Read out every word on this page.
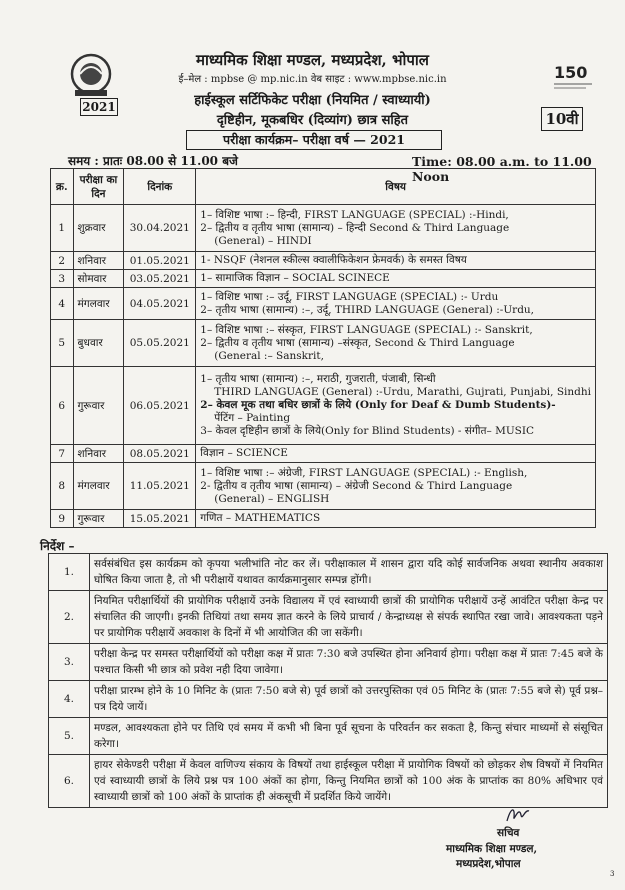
150
माध्यमिक शिक्षा मण्डल, मध्यप्रदेश, भोपाल
ई–मेल : mpbse @ mp.nic.in वेब साइट : www.mpbse.nic.in
हाईस्कूल सर्टिफिकेट परीक्षा (नियमित / स्वाध्यायी)
दृष्टिहीन, मूकबधिर (दिव्यांग) छात्र सहित
2021
10वी
परीक्षा कार्यक्रम– परीक्षा वर्ष — 2021
समय : प्रातः 08.00 से 11.00 बजे	Time: 08.00 a.m. to 11.00 Noon
क्र.	परीक्षा का दिन	दिनांक	विषय
1	शुक्रवार	30.04.2021	1– विशिष्ट भाषा :– हिन्दी, FIRST LANGUAGE (SPECIAL) :-Hindi,
2– द्वितीय व तृतीय भाषा (सामान्य) – हिन्दी Second & Third Language
(General) – HINDI

2	शनिवार	01.05.2021	1- NSQF (नेशनल स्कील्स क्वालीफिकेशन फ्रेमवर्क) के समस्त विषय

3	सोमवार	03.05.2021	1– सामाजिक विज्ञान – SOCIAL SCINECE

4	मंगलवार	04.05.2021	1– विशिष्ट भाषा :– उर्दू, FIRST LANGUAGE (SPECIAL) :- Urdu
2– तृतीय भाषा (सामान्य) :–, उर्दू, THIRD LANGUAGE (General) :-Urdu,

5	बुधवार	05.05.2021	1– विशिष्ट भाषा :– संस्कृत, FIRST LANGUAGE (SPECIAL) :- Sanskrit,
2– द्वितीय व तृतीय भाषा (सामान्य) –संस्कृत, Second & Third Language
(General :– Sanskrit,

6	गुरूवार	06.05.2021	1– तृतीय भाषा (सामान्य) :–, मराठी, गुजराती, पंजाबी, सिन्धी
THIRD LANGUAGE (General) :-Urdu, Marathi, Gujrati, Punjabi, Sindhi
2– केवल मूक तथा बधिर छात्रों के लिये (Only for Deaf & Dumb Students)-
पेंटिंग – Painting
3– केवल दृष्टिहीन छात्रों के लिये(Only for Blind Students) - संगीत– MUSIC

7	शनिवार	08.05.2021	विज्ञान – SCIENCE

8	मंगलवार	11.05.2021	1– विशिष्ट भाषा :– अंग्रेजी, FIRST LANGUAGE (SPECIAL) :- English,
2- द्वितीय व तृतीय भाषा (सामान्य) – अंग्रेजी Second & Third Language
(General) – ENGLISH

9	गुरूवार	15.05.2021	गणित – MATHEMATICS
निर्देश –
1.	सर्वसंबंधित इस कार्यक्रम को कृपया भलीभांति नोट कर लें। परीक्षाकाल में शासन द्वारा यदि कोई सार्वजनिक अथवा स्थानीय अवकाश घोषित किया जाता है, तो भी परीक्षायें यथावत कार्यक्रमानुसार सम्पन्न होंगी।
2.	नियमित परीक्षार्थियों की प्रायोगिक परीक्षायें उनके विद्यालय में एवं स्वाध्यायी छात्रों की प्रायोगिक परीक्षायें उन्हें आवंटित परीक्षा केन्द्र पर संचालित की जाएगी। इनकी तिथियां तथा समय ज्ञात करने के लिये प्राचार्य / केन्द्राध्यक्ष से संपर्क स्थापित रखा जावे। आवश्यकता पड़ने पर प्रायोगिक परीक्षायें अवकाश के दिनों में भी आयोजित की जा सकेंगी।
3.	परीक्षा केन्द्र पर समस्त परीक्षार्थियों को परीक्षा कक्ष में प्रातः 7:30 बजे उपस्थित होना अनिवार्य होगा। परीक्षा कक्ष में प्रातः 7:45 बजे के पश्चात किसी भी छात्र को प्रवेश नही दिया जावेगा।
4.	परीक्षा प्रारम्भ होने के 10 मिनिट के (प्रातः 7:50 बजे से) पूर्व छात्रों को उत्तरपुस्तिका एवं 05 मिनिट के (प्रातः 7:55 बजे से) पूर्व प्रश्न–पत्र दिये जायें।
5.	मण्डल, आवश्यकता होने पर तिथि एवं समय में कभी भी बिना पूर्व सूचना के परिवर्तन कर सकता है, किन्तु संचार माध्यमों से संसूचित करेगा।
6.	हायर सेकेण्डरी परीक्षा में केवल वाणिज्य संकाय के विषयों तथा हाईस्कूल परीक्षा में प्रायोगिक विषयों को छोड़कर शेष विषयों में नियमित एवं स्वाध्यायी छात्रों के लिये प्रश्न पत्र 100 अंकों का होगा, किन्तु नियमित छात्रों को 100 अंक के प्राप्तांक का 80% अधिभार एवं स्वाध्यायी छात्रों को 100 अंकों के प्राप्तांक ही अंकसूची में प्रदर्शित किये जायेंगे।
सचिव
माध्यमिक शिक्षा मण्डल,
मध्यप्रदेश,भोपाल
3
